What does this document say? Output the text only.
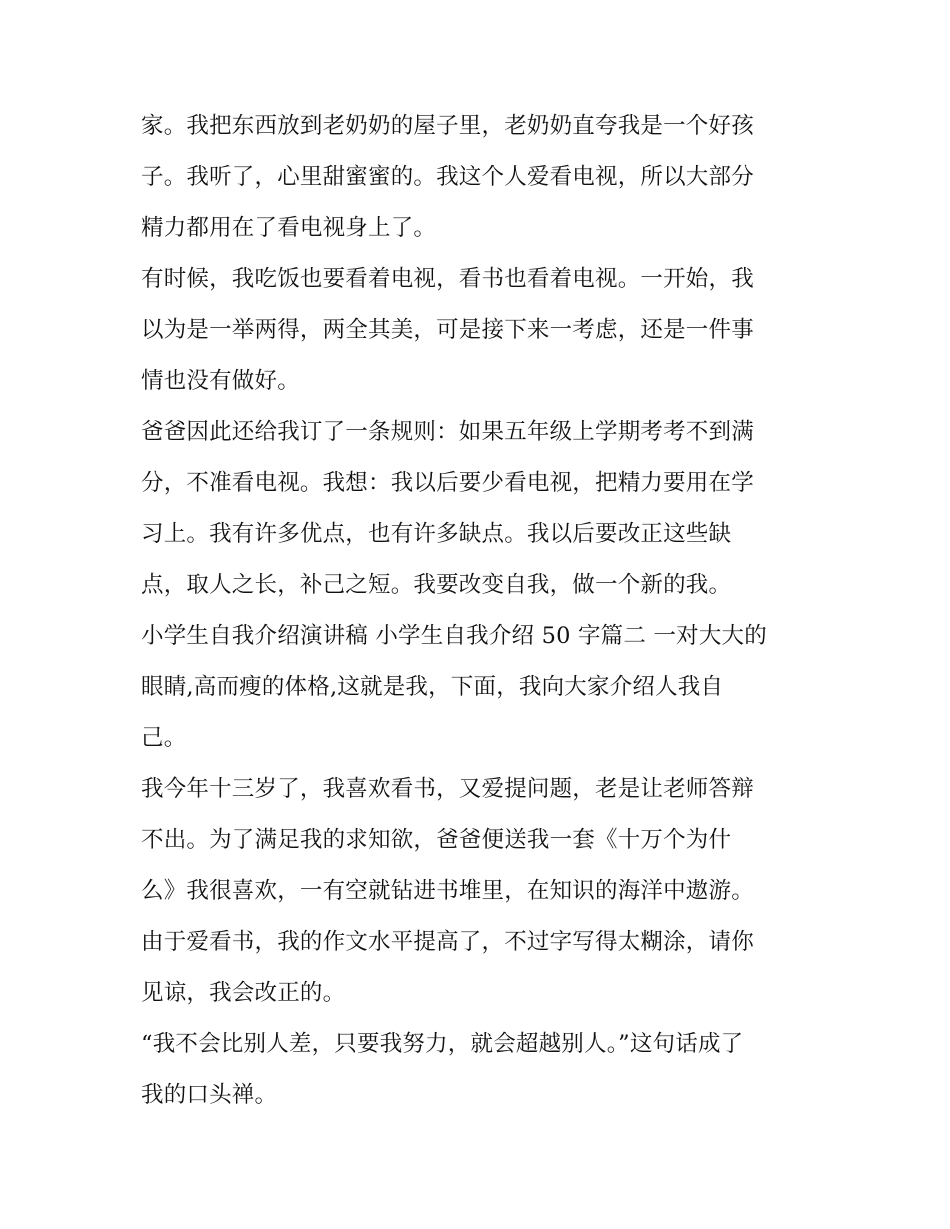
家。我把东西放到老奶奶的屋子里，老奶奶直夸我是一个好孩
子。我听了，心里甜蜜蜜的。我这个人爱看电视，所以大部分
精力都用在了看电视身上了。
有时候，我吃饭也要看着电视，看书也看着电视。一开始，我
以为是一举两得，两全其美，可是接下来一考虑，还是一件事
情也没有做好。
爸爸因此还给我订了一条规则：如果五年级上学期考考不到满
分，不准看电视。我想：我以后要少看电视，把精力要用在学
习上。我有许多优点，也有许多缺点。我以后要改正这些缺
点，取人之长，补己之短。我要改变自我，做一个新的我。
小学生自我介绍演讲稿 小学生自我介绍 50 字篇二 一对大大的
眼睛,高而瘦的体格,这就是我，下面，我向大家介绍人我自
己。
我今年十三岁了，我喜欢看书，又爱提问题，老是让老师答辩
不出。为了满足我的求知欲，爸爸便送我一套《十万个为什
么》我很喜欢，一有空就钻进书堆里，在知识的海洋中遨游。
由于爱看书，我的作文水平提高了，不过字写得太糊涂，请你
见谅，我会改正的。
“我不会比别人差，只要我努力，就会超越别人。”这句话成了
我的口头禅。
